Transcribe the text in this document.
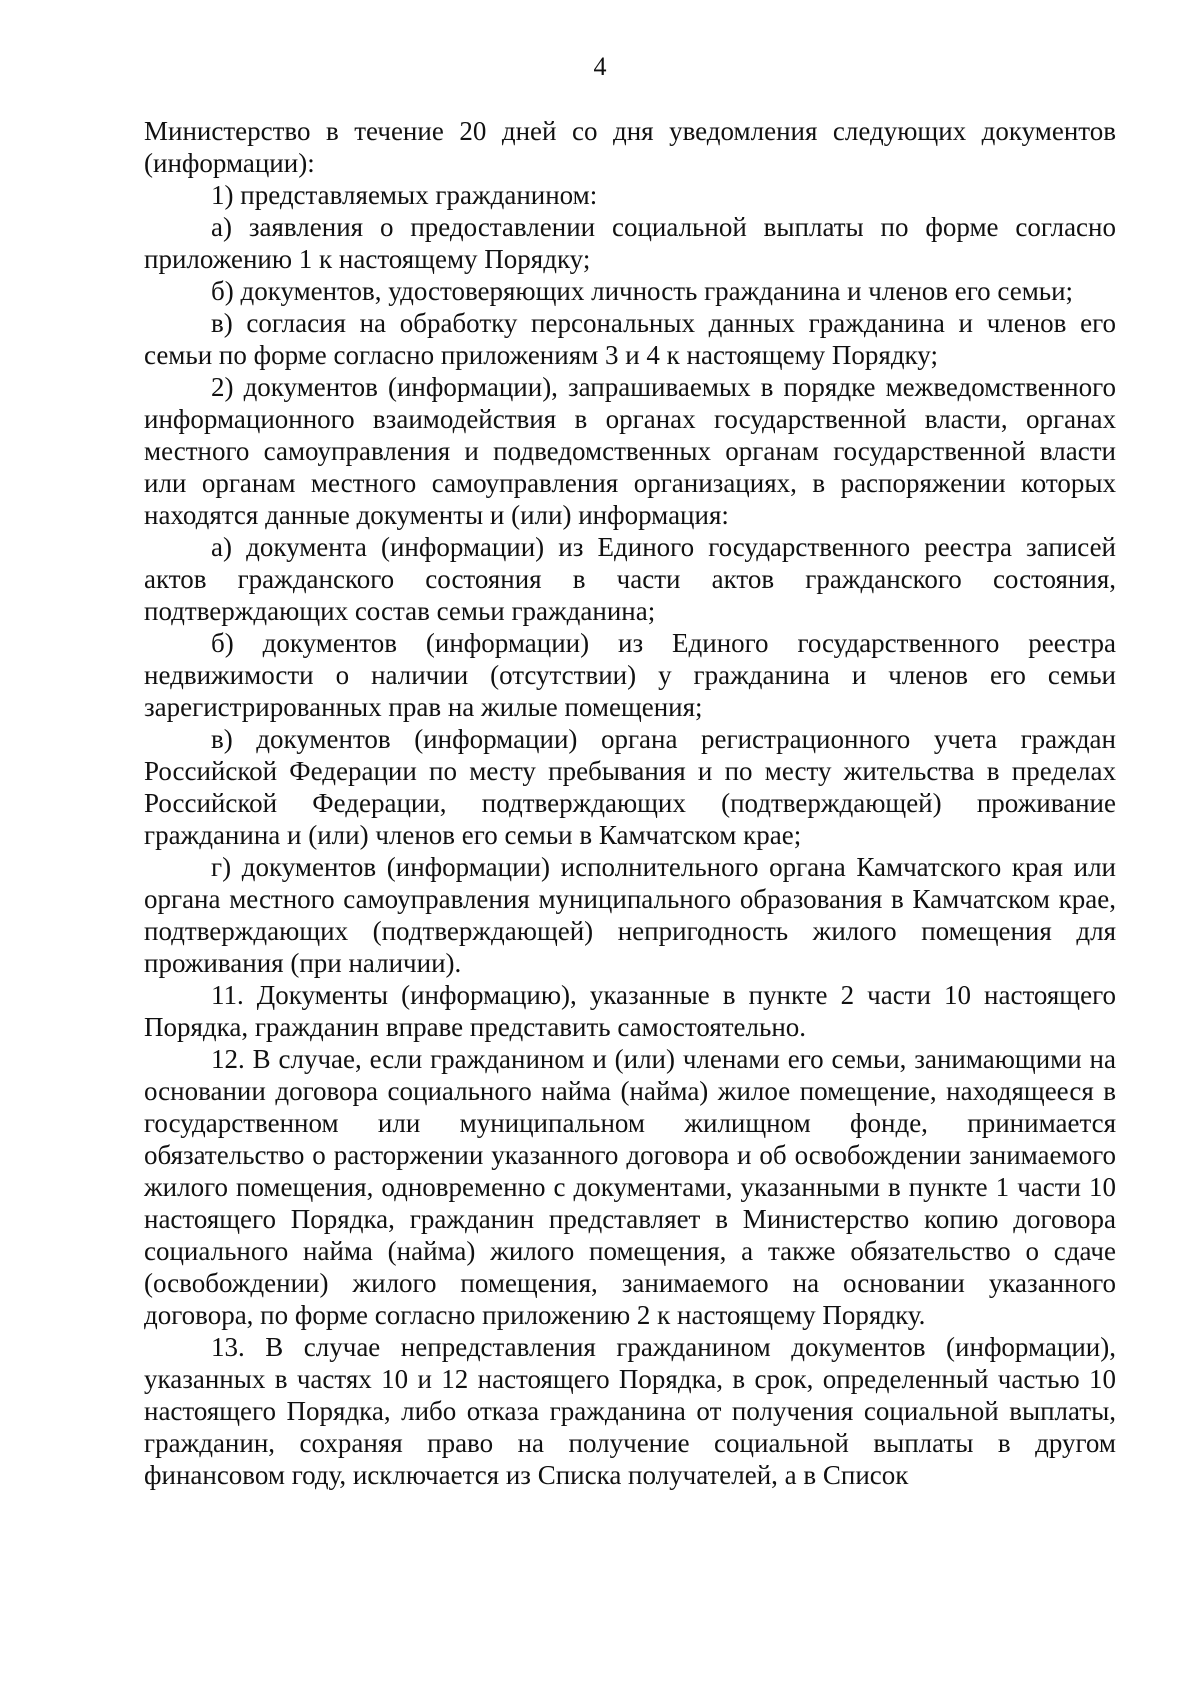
4

Министерство в течение 20 дней со дня уведомления следующих документов (информации):

1) представляемых гражданином:

а) заявления о предоставлении социальной выплаты по форме согласно приложению 1 к настоящему Порядку;

б) документов, удостоверяющих личность гражданина и членов его семьи;

в) согласия на обработку персональных данных гражданина и членов его семьи по форме согласно приложениям 3 и 4 к настоящему Порядку;

2) документов (информации), запрашиваемых в порядке межведомственного информационного взаимодействия в органах государственной власти, органах местного самоуправления и подведомственных органам государственной власти или органам местного самоуправления организациях, в распоряжении которых находятся данные документы и (или) информация:

а) документа (информации) из Единого государственного реестра записей актов гражданского состояния в части актов гражданского состояния, подтверждающих состав семьи гражданина;

б) документов (информации) из Единого государственного реестра недвижимости о наличии (отсутствии) у гражданина и членов его семьи зарегистрированных прав на жилые помещения;

в) документов (информации) органа регистрационного учета граждан Российской Федерации по месту пребывания и по месту жительства в пределах Российской Федерации, подтверждающих (подтверждающей) проживание гражданина и (или) членов его семьи в Камчатском крае;

г) документов (информации) исполнительного органа Камчатского края или органа местного самоуправления муниципального образования в Камчатском крае, подтверждающих (подтверждающей) непригодность жилого помещения для проживания (при наличии).

11. Документы (информацию), указанные в пункте 2 части 10 настоящего Порядка, гражданин вправе представить самостоятельно.

12. В случае, если гражданином и (или) членами его семьи, занимающими на основании договора социального найма (найма) жилое помещение, находящееся в государственном или муниципальном жилищном фонде, принимается обязательство о расторжении указанного договора и об освобождении занимаемого жилого помещения, одновременно с документами, указанными в пункте 1 части 10 настоящего Порядка, гражданин представляет в Министерство копию договора социального найма (найма) жилого помещения, а также обязательство о сдаче (освобождении) жилого помещения, занимаемого на основании указанного договора, по форме согласно приложению 2 к настоящему Порядку.

13. В случае непредставления гражданином документов (информации), указанных в частях 10 и 12 настоящего Порядка, в срок, определенный частью 10 настоящего Порядка, либо отказа гражданина от получения социальной выплаты, гражданин, сохраняя право на получение социальной выплаты в другом финансовом году, исключается из Списка получателей, а в Список
